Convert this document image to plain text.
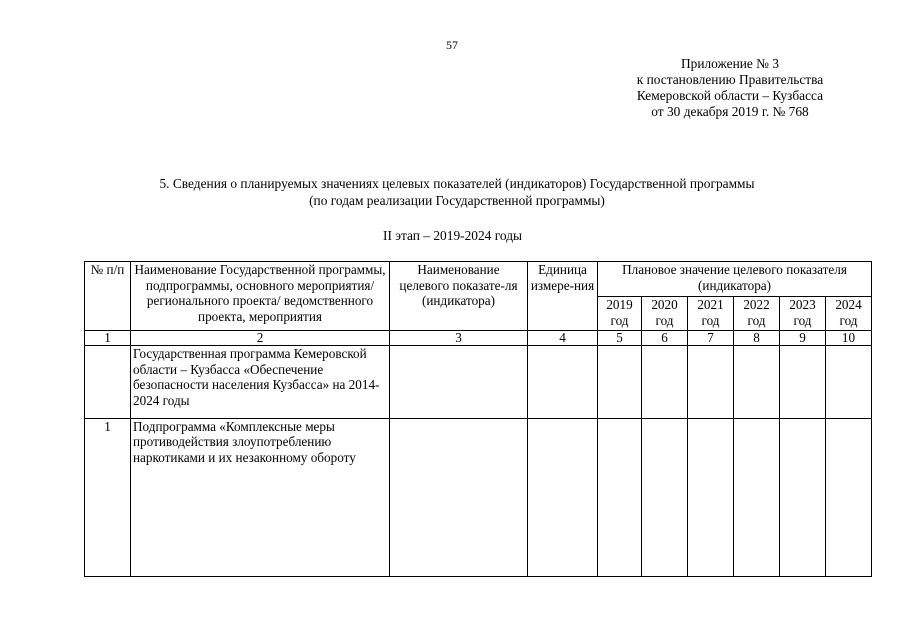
57
Приложение № 3
к постановлению Правительства
Кемеровской области – Кузбасса
от 30 декабря 2019 г. № 768
5. Сведения о планируемых значениях целевых показателей (индикаторов) Государственной программы
(по годам реализации Государственной программы)
II этап – 2019-2024 годы
№ п/п	Наименование Государственной программы, подпрограммы, основного мероприятия/регионального проекта/ ведомственного проекта, мероприятия	Наименование целевого показате-ля (индикатора)	Единица измере-ния	Плановое значение целевого показателя (индикатора)					
				2019 год	2020 год	2021 год	2022 год	2023 год	2024 год
1	2	3	4	5	6	7	8	9	10
	Государственная программа Кемеровской области – Кузбасса «Обеспечение безопасности населения Кузбасса» на 2014-2024 годы								
1	Подпрограмма «Комплексные меры противодействия злоупотреблению наркотиками и их незаконному обороту								
